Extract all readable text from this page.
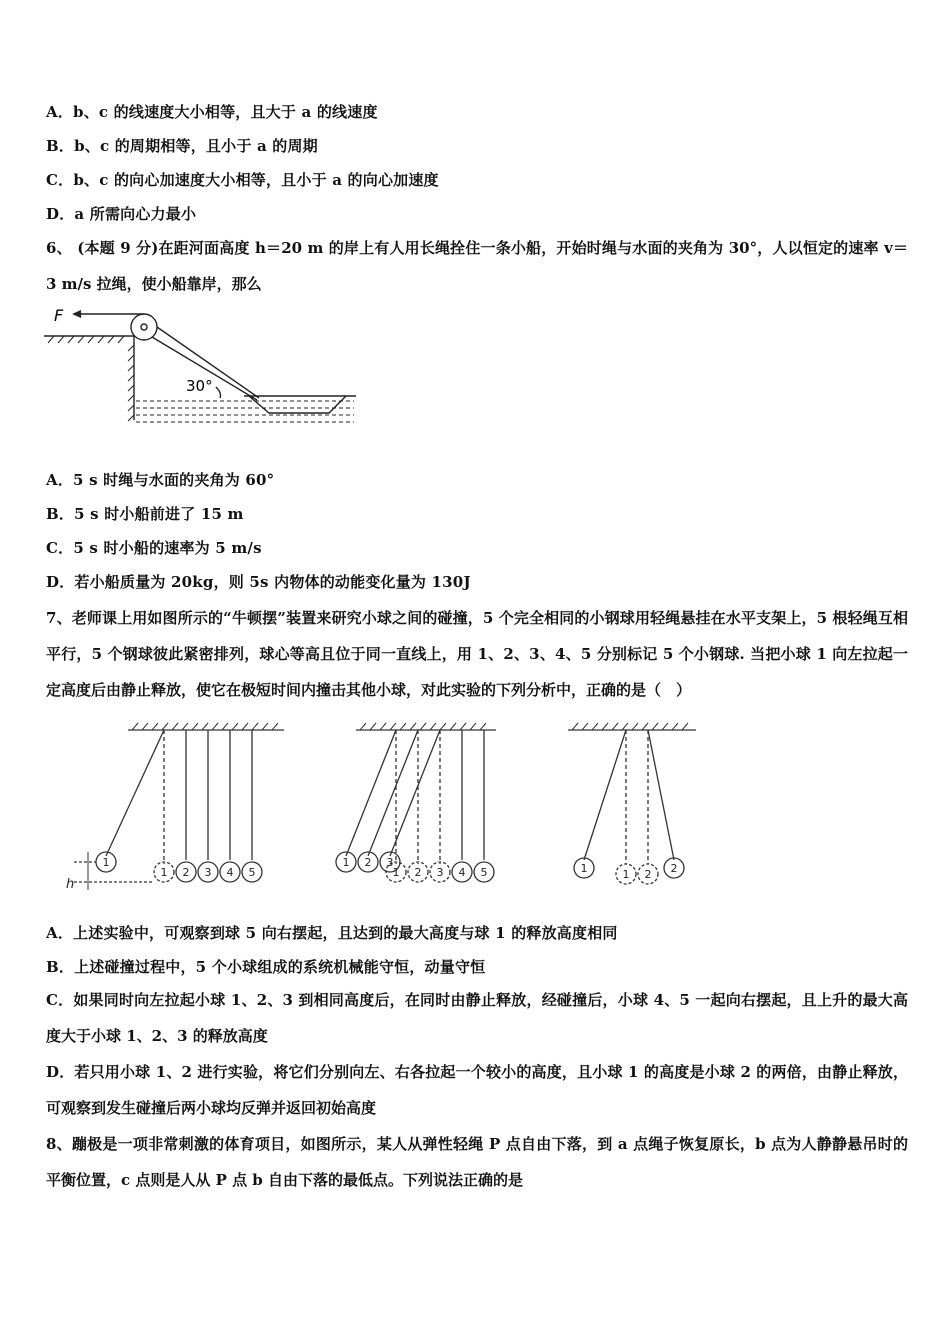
A．b、c 的线速度大小相等，且大于 a 的线速度
B．b、c 的周期相等，且小于 a 的周期
C．b、c 的向心加速度大小相等，且小于 a 的向心加速度
D．a 所需向心力最小
6、 (本题 9 分)在距河面高度 h＝20 m 的岸上有人用长绳拴住一条小船，开始时绳与水面的夹角为 30°，人以恒定的速率 v＝3 m/s 拉绳，使小船靠岸，那么
F
30°
A．5 s 时绳与水面的夹角为 60°
B．5 s 时小船前进了 15 m
C．5 s 时小船的速率为 5 m/s
D．若小船质量为 20kg，则 5s 内物体的动能变化量为 130J
7、老师课上用如图所示的“牛顿摆”装置来研究小球之间的碰撞，5 个完全相同的小钢球用轻绳悬挂在水平支架上，5 根轻绳互相平行，5 个钢球彼此紧密排列，球心等高且位于同一直线上，用 1、2、3、4、5 分别标记 5 个小钢球. 当把小球 1 向左拉起一定高度后由静止释放，使它在极短时间内撞击其他小球，对此实验的下列分析中，正确的是（　）
1
1 2 3 4 5
1 2 3
1 2 3 4 5	1	1 2 2
h
A．上述实验中，可观察到球 5 向右摆起，且达到的最大高度与球 1 的释放高度相同
B．上述碰撞过程中，5 个小球组成的系统机械能守恒，动量守恒
C．如果同时向左拉起小球 1、2、3 到相同高度后，在同时由静止释放，经碰撞后，小球 4、5 一起向右摆起，且上升的最大高度大于小球 1、2、3 的释放高度
D．若只用小球 1、2 进行实验，将它们分别向左、右各拉起一个较小的高度，且小球 1 的高度是小球 2 的两倍，由静止释放，可观察到发生碰撞后两小球均反弹并返回初始高度
8、蹦极是一项非常刺激的体育项目，如图所示，某人从弹性轻绳 P 点自由下落，到 a 点绳子恢复原长，b 点为人静静悬吊时的平衡位置，c 点则是人从 P 点 b 自由下落的最低点。下列说法正确的是
